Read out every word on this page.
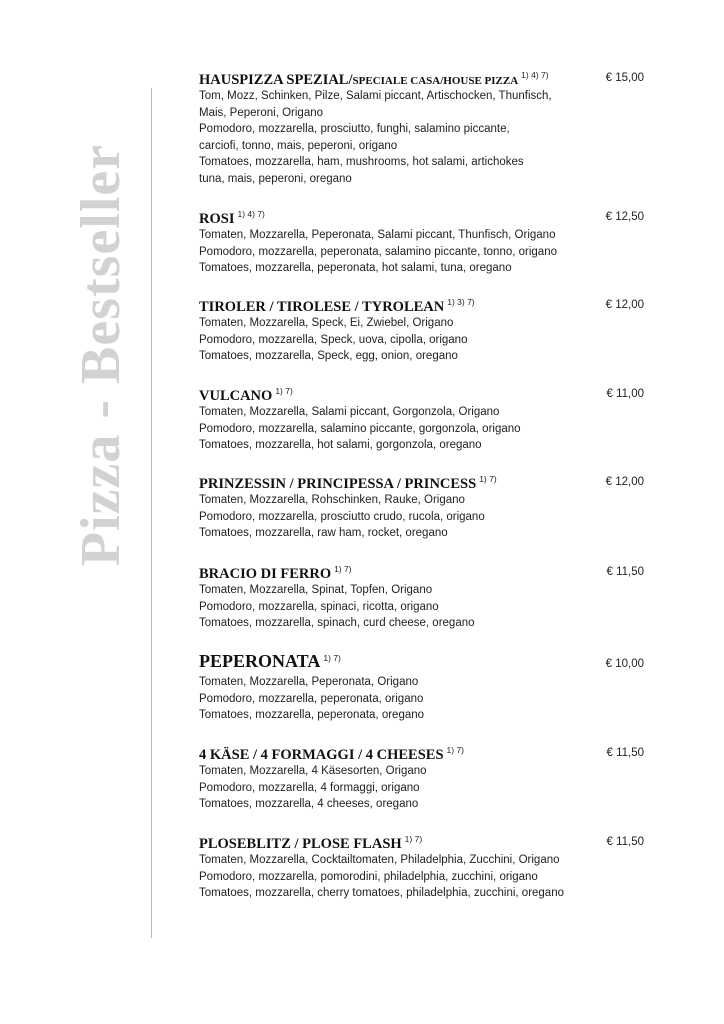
Pizza - Bestseller
HAUSPIZZA SPEZIAL/SPECIALE CASA/HOUSE PIZZA $^{1) 4) 7)}$	€ 15,00
Tom, Mozz, Schinken, Pilze, Salami piccant, Artischocken, Thunfisch,
Mais, Peperoni, Origano
Pomodoro, mozzarella, prosciutto, funghi, salamino piccante,
carciofi, tonno, mais, peperoni, origano
Tomatoes, mozzarella, ham, mushrooms, hot salami, artichokes
tuna, mais, peperoni, oregano
ROSI $^{1) 4) 7)}$	€ 12,50
Tomaten, Mozzarella, Peperonata, Salami piccant, Thunfisch, Origano
Pomodoro, mozzarella, peperonata, salamino piccante, tonno, origano
Tomatoes, mozzarella, peperonata, hot salami, tuna, oregano
TIROLER / TIROLESE / TYROLEAN $^{1) 3) 7)}$	€ 12,00
Tomaten, Mozzarella, Speck, Ei, Zwiebel, Origano
Pomodoro, mozzarella, Speck, uova, cipolla, origano
Tomatoes, mozzarella, Speck, egg, onion, oregano
VULCANO $^{1) 7)}$	€ 11,00
Tomaten, Mozzarella, Salami piccant, Gorgonzola, Origano
Pomodoro, mozzarella, salamino piccante, gorgonzola, origano
Tomatoes, mozzarella, hot salami, gorgonzola, oregano
PRINZESSIN / PRINCIPESSA / PRINCESS $^{1) 7)}$	€ 12,00
Tomaten, Mozzarella, Rohschinken, Rauke, Origano
Pomodoro, mozzarella, prosciutto crudo, rucola, origano
Tomatoes, mozzarella, raw ham, rocket, oregano
BRACIO DI FERRO $^{1) 7)}$	€ 11,50
Tomaten, Mozzarella, Spinat, Topfen, Origano
Pomodoro, mozzarella, spinaci, ricotta, origano
Tomatoes, mozzarella, spinach, curd cheese, oregano
PEPERONATA $^{1) 7)}$	€ 10,00
Tomaten, Mozzarella, Peperonata, Origano
Pomodoro, mozzarella, peperonata, origano
Tomatoes, mozzarella, peperonata, oregano
4 KÄSE / 4 FORMAGGI / 4 CHEESES $^{1) 7)}$	€ 11,50
Tomaten, Mozzarella, 4 Käsesorten, Origano
Pomodoro, mozzarella, 4 formaggi, origano
Tomatoes, mozzarella, 4 cheeses, oregano
PLOSEBLITZ / PLOSE FLASH $^{1) 7)}$	€ 11,50
Tomaten, Mozzarella, Cocktailtomaten, Philadelphia, Zucchini, Origano
Pomodoro, mozzarella, pomorodini, philadelphia, zucchini, origano
Tomatoes, mozzarella, cherry tomatoes, philadelphia, zucchini, oregano
